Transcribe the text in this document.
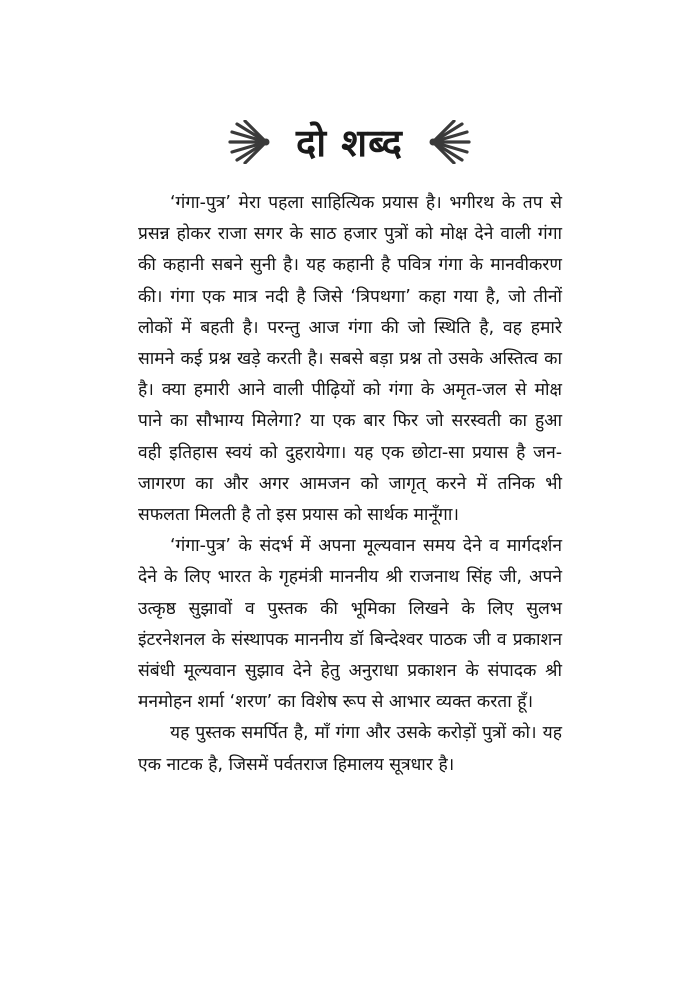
दो शब्द

‘गंगा-पुत्र’ मेरा पहला साहित्यिक प्रयास है। भगीरथ के तप से प्रसन्न होकर राजा सगर के साठ हजार पुत्रों को मोक्ष देने वाली गंगा की कहानी सबने सुनी है। यह कहानी है पवित्र गंगा के मानवीकरण की। गंगा एक मात्र नदी है जिसे ‘त्रिपथगा’ कहा गया है, जो तीनों लोकों में बहती है। परन्तु आज गंगा की जो स्थिति है, वह हमारे सामने कई प्रश्न खड़े करती है। सबसे बड़ा प्रश्न तो उसके अस्तित्व का है। क्या हमारी आने वाली पीढ़ियों को गंगा के अमृत-जल से मोक्ष पाने का सौभाग्य मिलेगा? या एक बार फिर जो सरस्वती का हुआ वही इतिहास स्वयं को दुहरायेगा। यह एक छोटा-सा प्रयास है जन-जागरण का और अगर आमजन को जागृत् करने में तनिक भी सफलता मिलती है तो इस प्रयास को सार्थक मानूँगा।

‘गंगा-पुत्र’ के संदर्भ में अपना मूल्यवान समय देने व मार्गदर्शन देने के लिए भारत के गृहमंत्री माननीय श्री राजनाथ सिंह जी, अपने उत्कृष्ठ सुझावों व पुस्तक की भूमिका लिखने के लिए सुलभ इंटरनेशनल के संस्थापक माननीय डॉ बिन्देश्वर पाठक जी व प्रकाशन संबंधी मूल्यवान सुझाव देने हेतु अनुराधा प्रकाशन के संपादक श्री मनमोहन शर्मा ‘शरण’ का विशेष रूप से आभार व्यक्त करता हूँ।

यह पुस्तक समर्पित है, माँ गंगा और उसके करोड़ों पुत्रों को। यह एक नाटक है, जिसमें पर्वतराज हिमालय सूत्रधार है।
